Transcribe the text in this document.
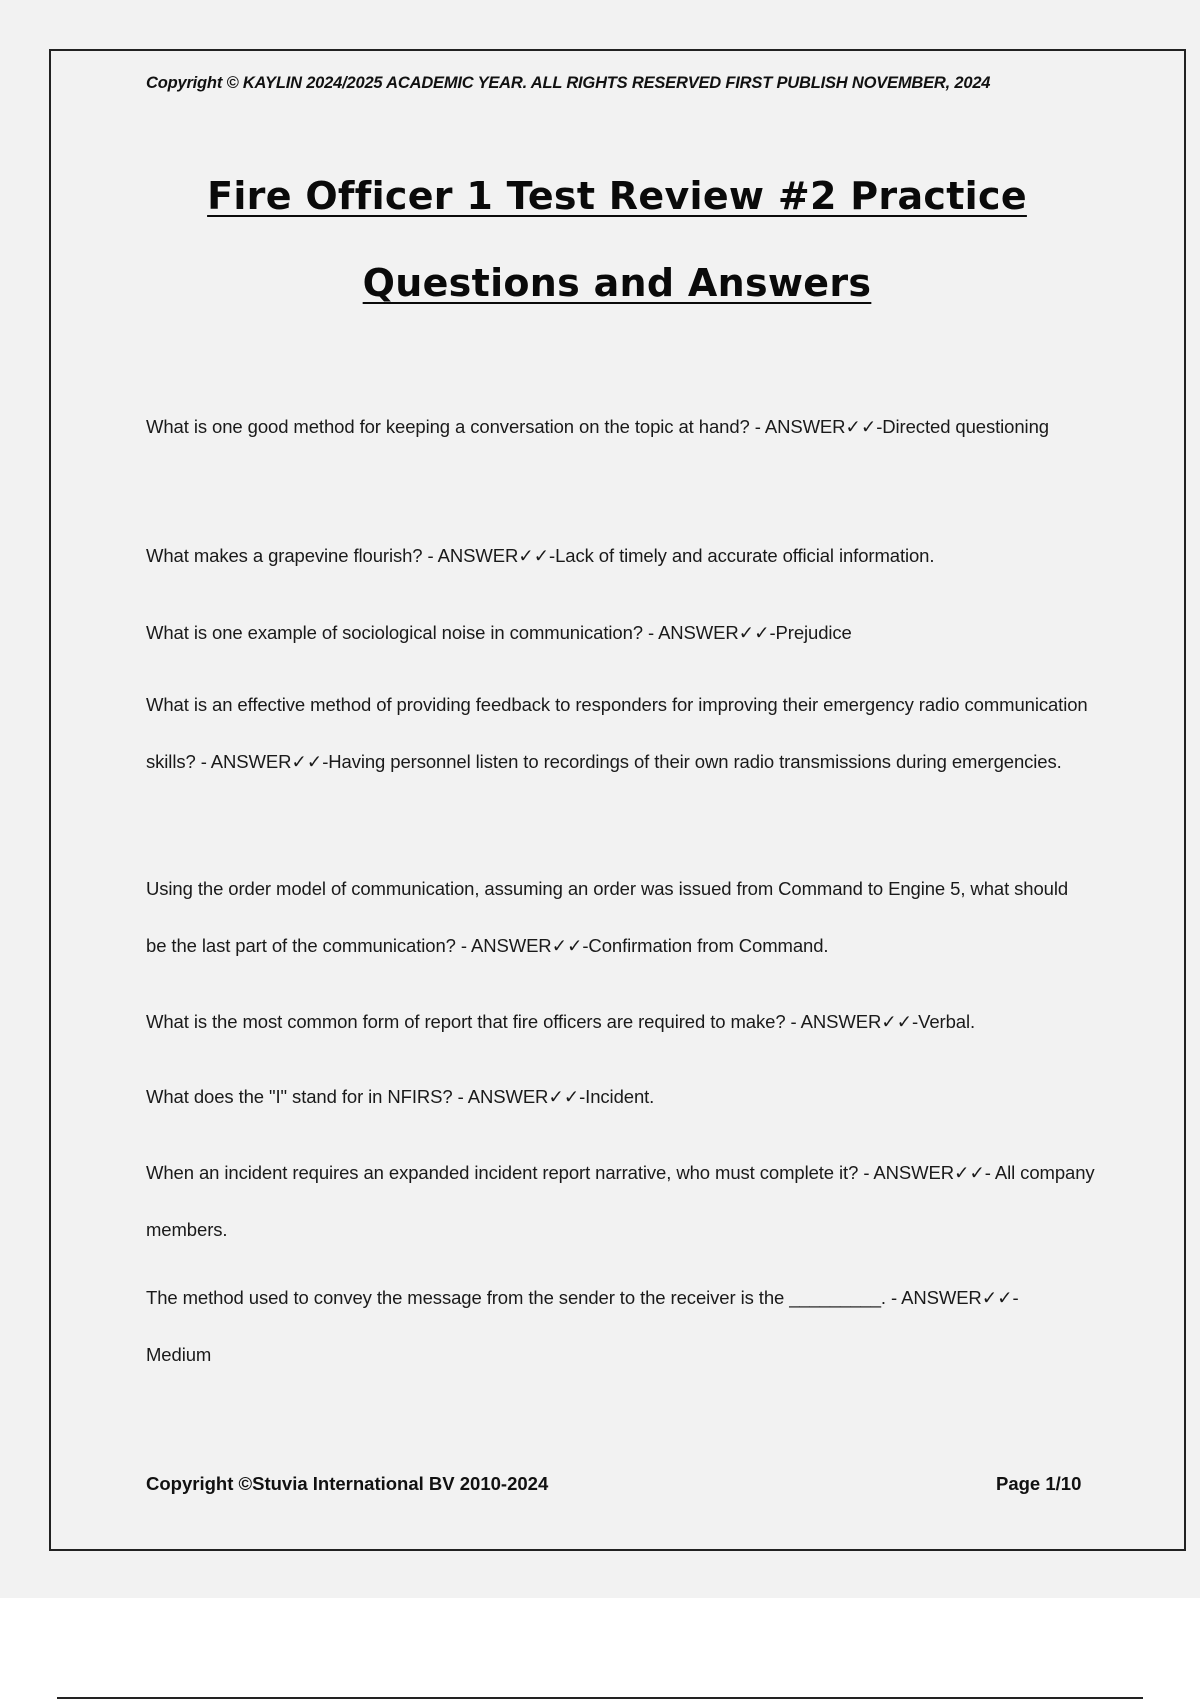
Copyright © KAYLIN 2024/2025 ACADEMIC YEAR. ALL RIGHTS RESERVED FIRST PUBLISH NOVEMBER, 2024
Fire Officer 1 Test Review #2 Practice
Questions and Answers
What is one good method for keeping a conversation on the topic at hand? - ANSWER✓✓-Directed questioning
What makes a grapevine flourish? - ANSWER✓✓-Lack of timely and accurate official information.
What is one example of sociological noise in communication? - ANSWER✓✓-Prejudice
What is an effective method of providing feedback to responders for improving their emergency radio communication skills? - ANSWER✓✓-Having personnel listen to recordings of their own radio transmissions during emergencies.
Using the order model of communication, assuming an order was issued from Command to Engine 5, what should be the last part of the communication? - ANSWER✓✓-Confirmation from Command.
What is the most common form of report that fire officers are required to make? - ANSWER✓✓-Verbal.
What does the "I" stand for in NFIRS? - ANSWER✓✓-Incident.
When an incident requires an expanded incident report narrative, who must complete it? - ANSWER✓✓- All company members.
The method used to convey the message from the sender to the receiver is the _________. - ANSWER✓✓-Medium
Copyright ©Stuvia International BV 2010-2024	Page 1/10
